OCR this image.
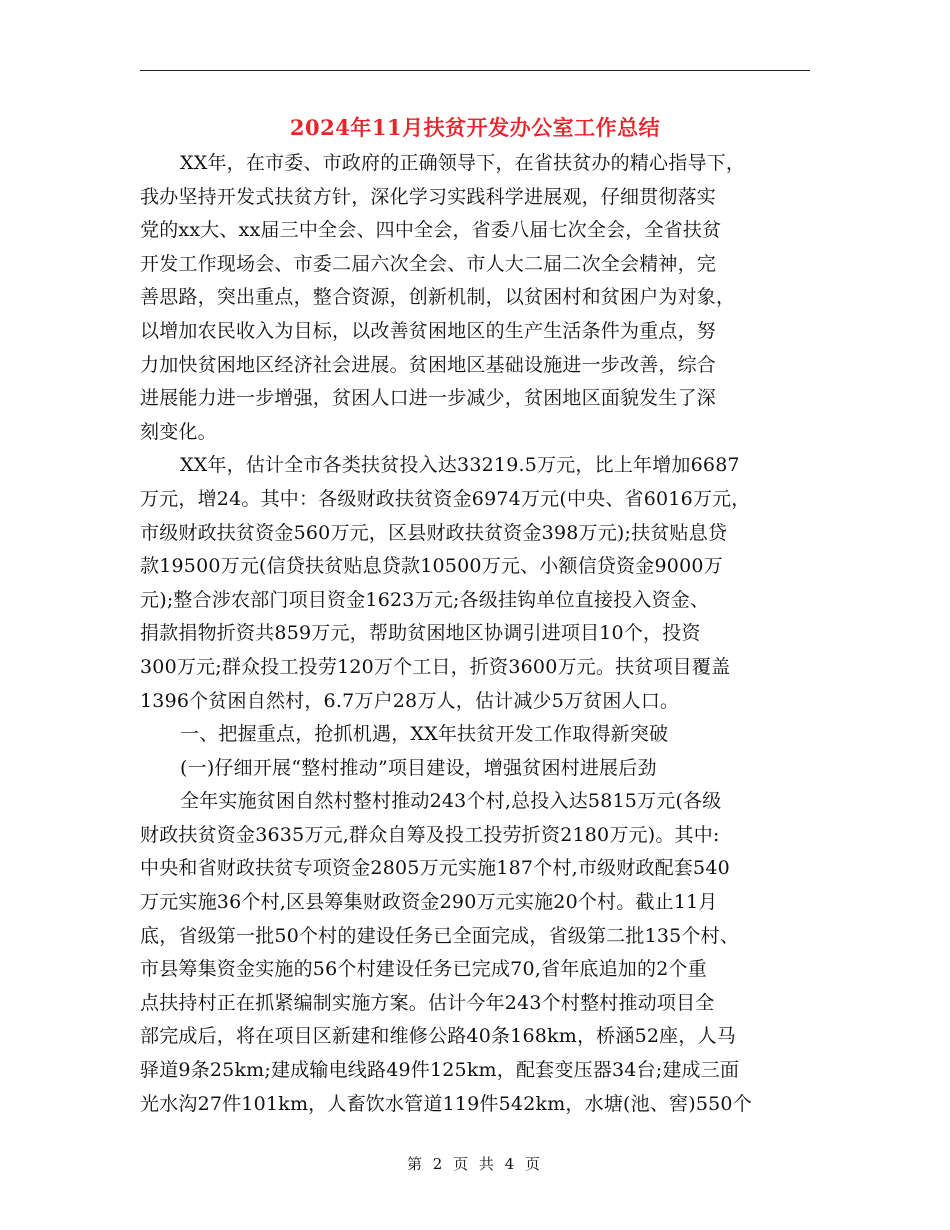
2024年11月扶贫开发办公室工作总结
XX年，在市委、市政府的正确领导下，在省扶贫办的精心指导下，
我办坚持开发式扶贫方针，深化学习实践科学进展观，仔细贯彻落实
党的xx大、xx届三中全会、四中全会，省委八届七次全会，全省扶贫
开发工作现场会、市委二届六次全会、市人大二届二次全会精神，完
善思路，突出重点，整合资源，创新机制，以贫困村和贫困户为对象，
以增加农民收入为目标，以改善贫困地区的生产生活条件为重点，努
力加快贫困地区经济社会进展。贫困地区基础设施进一步改善，综合
进展能力进一步增强，贫困人口进一步减少，贫困地区面貌发生了深
刻变化。
XX年，估计全市各类扶贫投入达33219.5万元，比上年增加6687
万元，增24。其中：各级财政扶贫资金6974万元(中央、省6016万元，
市级财政扶贫资金560万元，区县财政扶贫资金398万元);扶贫贴息贷
款19500万元(信贷扶贫贴息贷款10500万元、小额信贷资金9000万
元);整合涉农部门项目资金1623万元;各级挂钩单位直接投入资金、
捐款捐物折资共859万元，帮助贫困地区协调引进项目10个，投资
300万元;群众投工投劳120万个工日，折资3600万元。扶贫项目覆盖
1396个贫困自然村，6.7万户28万人，估计减少5万贫困人口。
一、把握重点，抢抓机遇，XX年扶贫开发工作取得新突破
(一)仔细开展“整村推动”项目建设，增强贫困村进展后劲
全年实施贫困自然村整村推动243个村,总投入达5815万元(各级
财政扶贫资金3635万元,群众自筹及投工投劳折资2180万元)。其中:
中央和省财政扶贫专项资金2805万元实施187个村,市级财政配套540
万元实施36个村,区县筹集财政资金290万元实施20个村。截止11月
底，省级第一批50个村的建设任务已全面完成，省级第二批135个村、
市县筹集资金实施的56个村建设任务已完成70,省年底追加的2个重
点扶持村正在抓紧编制实施方案。估计今年243个村整村推动项目全
部完成后，将在项目区新建和维修公路40条168km，桥涵52座，人马
驿道9条25km;建成输电线路49件125km，配套变压器34台;建成三面
光水沟27件101km，人畜饮水管道119件542km，水塘(池、窖)550个
第 2 页 共 4 页
